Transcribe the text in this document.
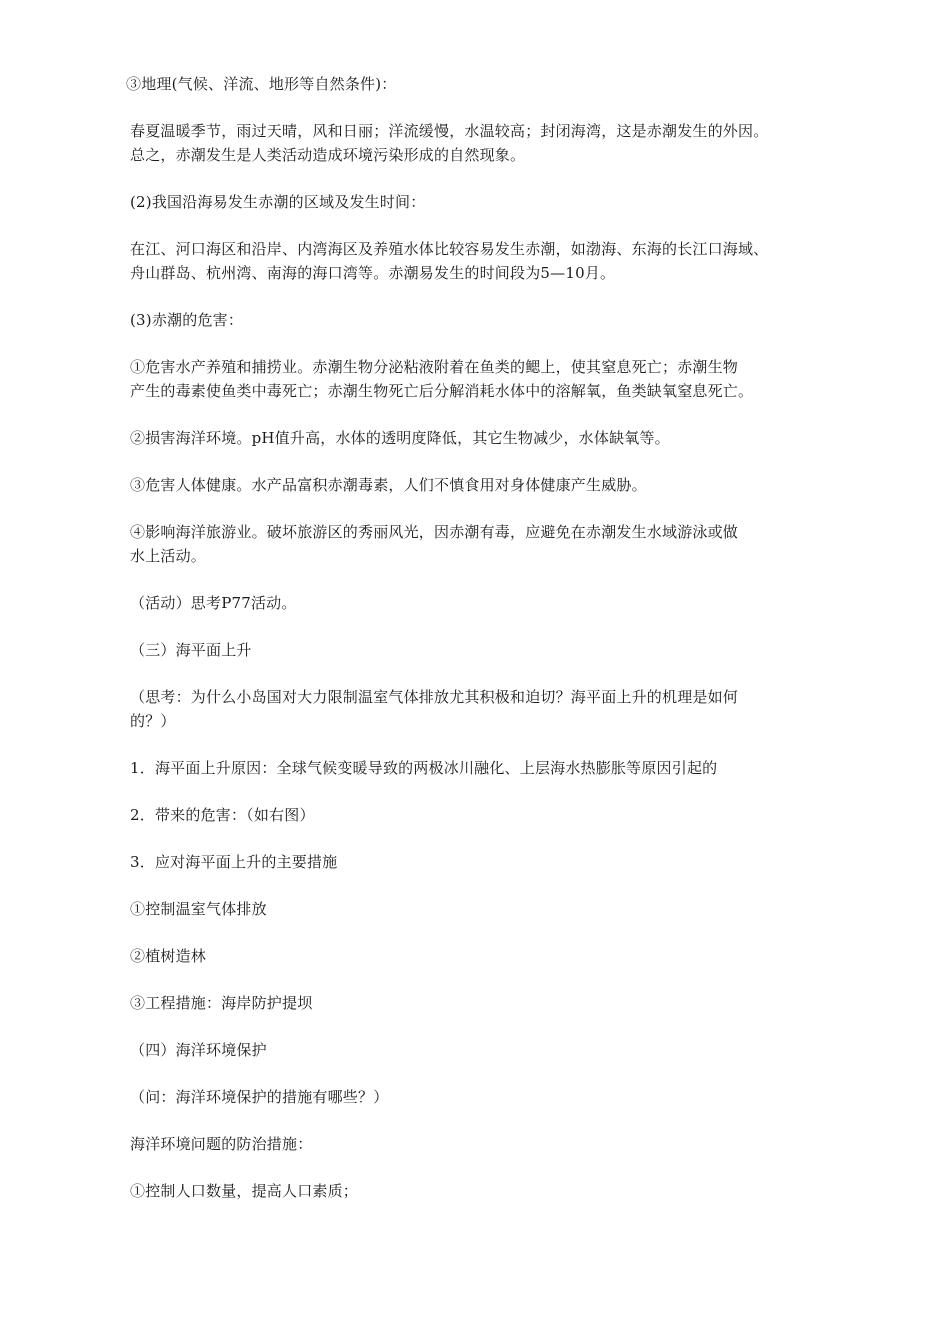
③地理(气候、洋流、地形等自然条件)：

春夏温暖季节，雨过天晴，风和日丽；洋流缓慢，水温较高；封闭海湾，这是赤潮发生的外因。
总之，赤潮发生是人类活动造成环境污染形成的自然现象。

(2)我国沿海易发生赤潮的区域及发生时间：

在江、河口海区和沿岸、内湾海区及养殖水体比较容易发生赤潮，如渤海、东海的长江口海域、
舟山群岛、杭州湾、南海的海口湾等。赤潮易发生的时间段为5—10月。

(3)赤潮的危害：

①危害水产养殖和捕捞业。赤潮生物分泌粘液附着在鱼类的鳃上，使其窒息死亡；赤潮生物
产生的毒素使鱼类中毒死亡；赤潮生物死亡后分解消耗水体中的溶解氧，鱼类缺氧窒息死亡。

②损害海洋环境。pH值升高，水体的透明度降低，其它生物减少，水体缺氧等。

③危害人体健康。水产品富积赤潮毒素，人们不慎食用对身体健康产生威胁。

④影响海洋旅游业。破坏旅游区的秀丽风光，因赤潮有毒，应避免在赤潮发生水域游泳或做
水上活动。

（活动）思考P77活动。

（三）海平面上升

（思考：为什么小岛国对大力限制温室气体排放尤其积极和迫切？海平面上升的机理是如何
的？）

1．海平面上升原因：全球气候变暖导致的两极冰川融化、上层海水热膨胀等原因引起的

2．带来的危害：（如右图）

3．应对海平面上升的主要措施

①控制温室气体排放

②植树造林

③工程措施：海岸防护提坝

（四）海洋环境保护

（问：海洋环境保护的措施有哪些？）

海洋环境问题的防治措施：

①控制人口数量，提高人口素质；
